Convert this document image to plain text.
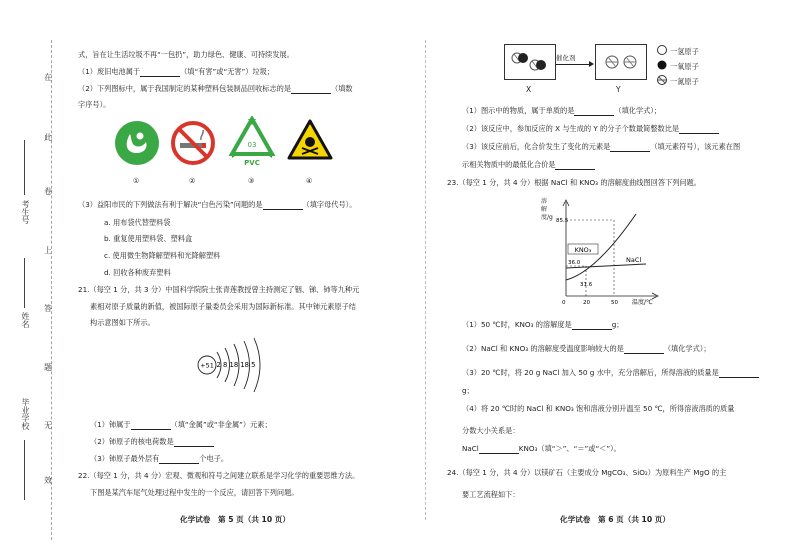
在
此
卷
上
答
题
无
效
考生号
姓名
毕业学校
式，旨在让生活垃圾不再“一包扔”，助力绿色、健康、可持续发展。
（1）废旧电池属于	（填“有害”或“无害”）垃圾；
（2）下列图标中，属于我国制定的某种塑料包装制品回收标志的是	（填数
字序号）。
03
PVC
①	②	③	④
（3）益阳市民的下列做法有利于解决“白色污染”问题的是	（填字母代号）。
a. 用布袋代替塑料袋
b. 重复使用塑料袋、塑料盒
c. 使用微生物降解塑料和光降解塑料
d. 回收各种废弃塑料
21.（每空 1 分，共 3 分）中国科学院院士张青莲教授曾主持测定了铟、锑、铈等九种元
素相对原子质量的新值，被国际原子量委员会采用为国际新标准。其中铈元素原子结
构示意图如下所示。
+51 2 8 18 18 5
（1）铈属于	（填“金属”或“非金属”）元素；
（2）铈原子的核电荷数是
（3）铈原子最外层有	个电子。
22.（每空 1 分，共 4 分）宏观、微观和符号之间建立联系是学习化学的重要思维方法。
下图是某汽车尾气处理过程中发生的一个反应，请回答下列问题。
化学试卷　第 5 页（共 10 页）
X
催化剂
Y
一氢原子
一氧原子
一氮原子
（1）图示中的物质，属于单质的是	（填化学式）；
（2）该反应中，参加反应的 X 与生成的 Y 的分子个数最简整数比是
（3）该反应前后，化合价发生了变化的元素是	（填元素符号），该元素在图
示相关物质中的最低化合价是
23.（每空 1 分，共 4 分）根据 NaCl 和 KNO₃ 的溶解度曲线图回答下列问题。
KNO₃
NaCl
85.5
36.0
31.6
0	20	50 温度/℃
溶解度/g
（1）50 ℃时，KNO₃ 的溶解度是	g；
（2）NaCl 和 KNO₃ 的溶解度受温度影响较大的是	（填化学式）；
（3）20 ℃时，将 20 g NaCl 加入 50 g 水中，充分溶解后，所得溶液的质量是
g；
（4）将 20 ℃时的 NaCl 和 KNO₃ 饱和溶液分别升温至 50 ℃，所得溶液溶质的质量
分数大小关系是：
NaCl	KNO₃（填“＞”、“＝”或“＜”）。
24.（每空 1 分，共 4 分）以镁矿石（主要成分 MgCO₃、SiO₂）为原料生产 MgO 的主
要工艺流程如下：
化学试卷　第 6 页（共 10 页）
